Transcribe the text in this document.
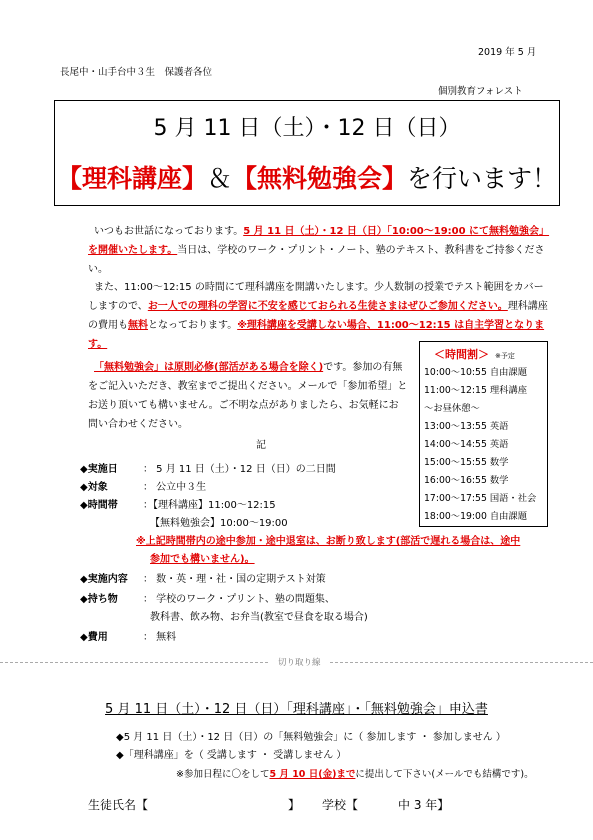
2019 年 5 月
長尾中・山手台中３生　保護者各位
個別教育フォレスト
5 月 11 日（土）・12 日（日）
【理科講座】＆【無料勉強会】を行います！
いつもお世話になっております。5 月 11 日（土）・12 日（日）「10:00～19:00 にて無料勉強会」を開催いたします。当日は、学校のワーク・プリント・ノート、塾のテキスト、教科書をご持参ください。
また、11:00～12:15 の時間にて理科講座を開講いたします。少人数制の授業でテスト範囲をカバーしますので、お一人での理科の学習に不安を感じておられる生徒さまはぜひご参加ください。理科講座の費用も無料となっております。※理科講座を受講しない場合、11:00～12:15 は自主学習となります。
「無料勉強会」は原則必修(部活がある場合を除く)です。参加の有無をご記入いただき、教室までご提出ください。メールで「参加希望」とお送り頂いても構いません。ご不明な点がありましたら、お気軽にお問い合わせください。
＜時間割＞ ※予定
10:00～10:55 自由課題
11:00～12:15 理科講座
～お昼休憩～
13:00～13:55 英語
14:00～14:55 英語
15:00～15:55 数学
16:00～16:55 数学
17:00～17:55 国語・社会
18:00～19:00 自由課題
記
◆実施日	： 5 月 11 日（土）・12 日（日）の二日間
◆対象	： 公立中３生
◆時間帯	：【理科講座】11:00～12:15
【無料勉強会】10:00～19:00
※上記時間帯内の途中参加・途中退室は、お断り致します(部活で遅れる場合は、途中
参加でも構いません)。
◆実施内容 ： 数・英・理・社・国の定期テスト対策
◆持ち物	： 学校のワーク・プリント、塾の問題集、
教科書、飲み物、お弁当(教室で昼食を取る場合)
◆費用	： 無料
切り取り線
5 月 11 日（土）・12 日（日）「理科講座」・「無料勉強会」申込書
◆5 月 11 日（土）・12 日（日）の「無料勉強会」に（ 参加します ・ 参加しません ）
◆「理科講座」を（ 受講します ・ 受講しません ）
※参加日程に〇をして5 月 10 日(金)までに提出して下さい(メールでも結構です)。
生徒氏名【	】 学校【	中 3 年】
